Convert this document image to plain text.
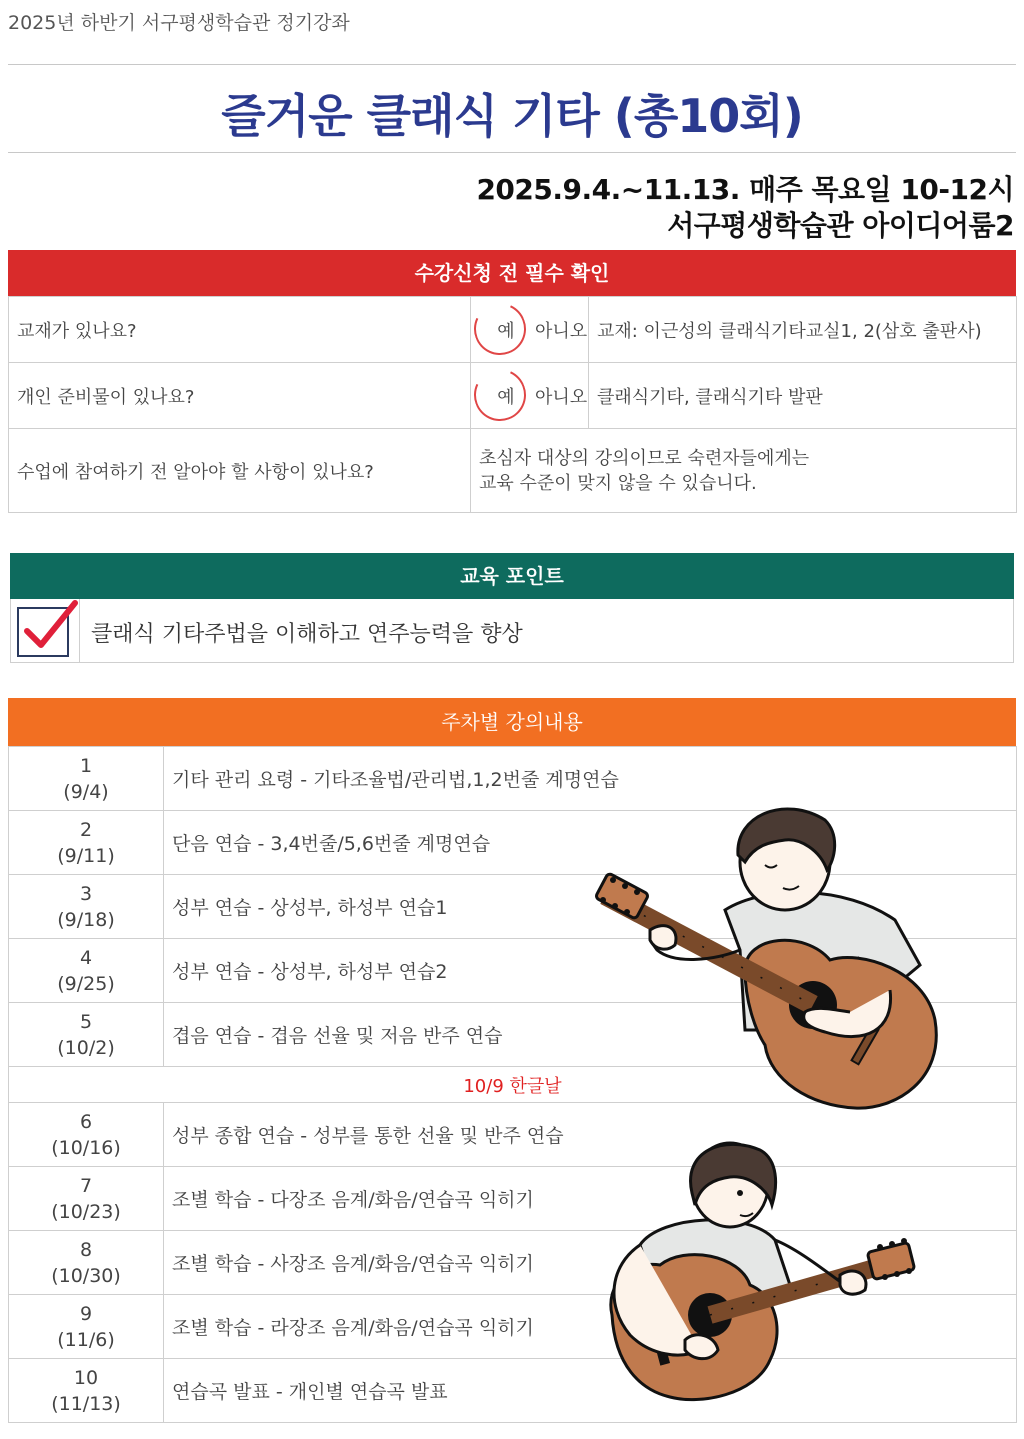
2025년 하반기 서구평생학습관 정기강좌
즐거운 클래식 기타 (총10회)
2025.9.4.~11.13. 매주 목요일 10-12시
서구평생학습관 아이디어룸2
수강신청 전 필수 확인
교재가 있나요?	예 아니오	교재: 이근성의 클래식기타교실1, 2(삼호 출판사)
개인 준비물이 있나요?	예 아니오	클래식기타, 클래식기타 발판
수업에 참여하기 전 알아야 할 사항이 있나요?	초심자 대상의 강의이므로 숙련자들에게는
교육 수준이 맞지 않을 수 있습니다.	
교육 포인트
클래식 기타주법을 이해하고 연주능력을 향상
주차별 강의내용
1
(9/4)	기타 관리 요령 - 기타조율법/관리법,1,2번줄 계명연습

2
(9/11)	단음 연습 - 3,4번줄/5,6번줄 계명연습

3
(9/18)	성부 연습 - 상성부, 하성부 연습1

4
(9/25)	성부 연습 - 상성부, 하성부 연습2

5
(10/2)	겹음 연습 - 겹음 선율 및 저음 반주 연습
10/9 한글날	

6
(10/16)	성부 종합 연습 - 성부를 통한 선율 및 반주 연습

7
(10/23)	조별 학습 - 다장조 음계/화음/연습곡 익히기

8
(10/30)	조별 학습 - 사장조 음계/화음/연습곡 익히기

9
(11/6)	조별 학습 - 라장조 음계/화음/연습곡 익히기

10
(11/13)	연습곡 발표 - 개인별 연습곡 발표
